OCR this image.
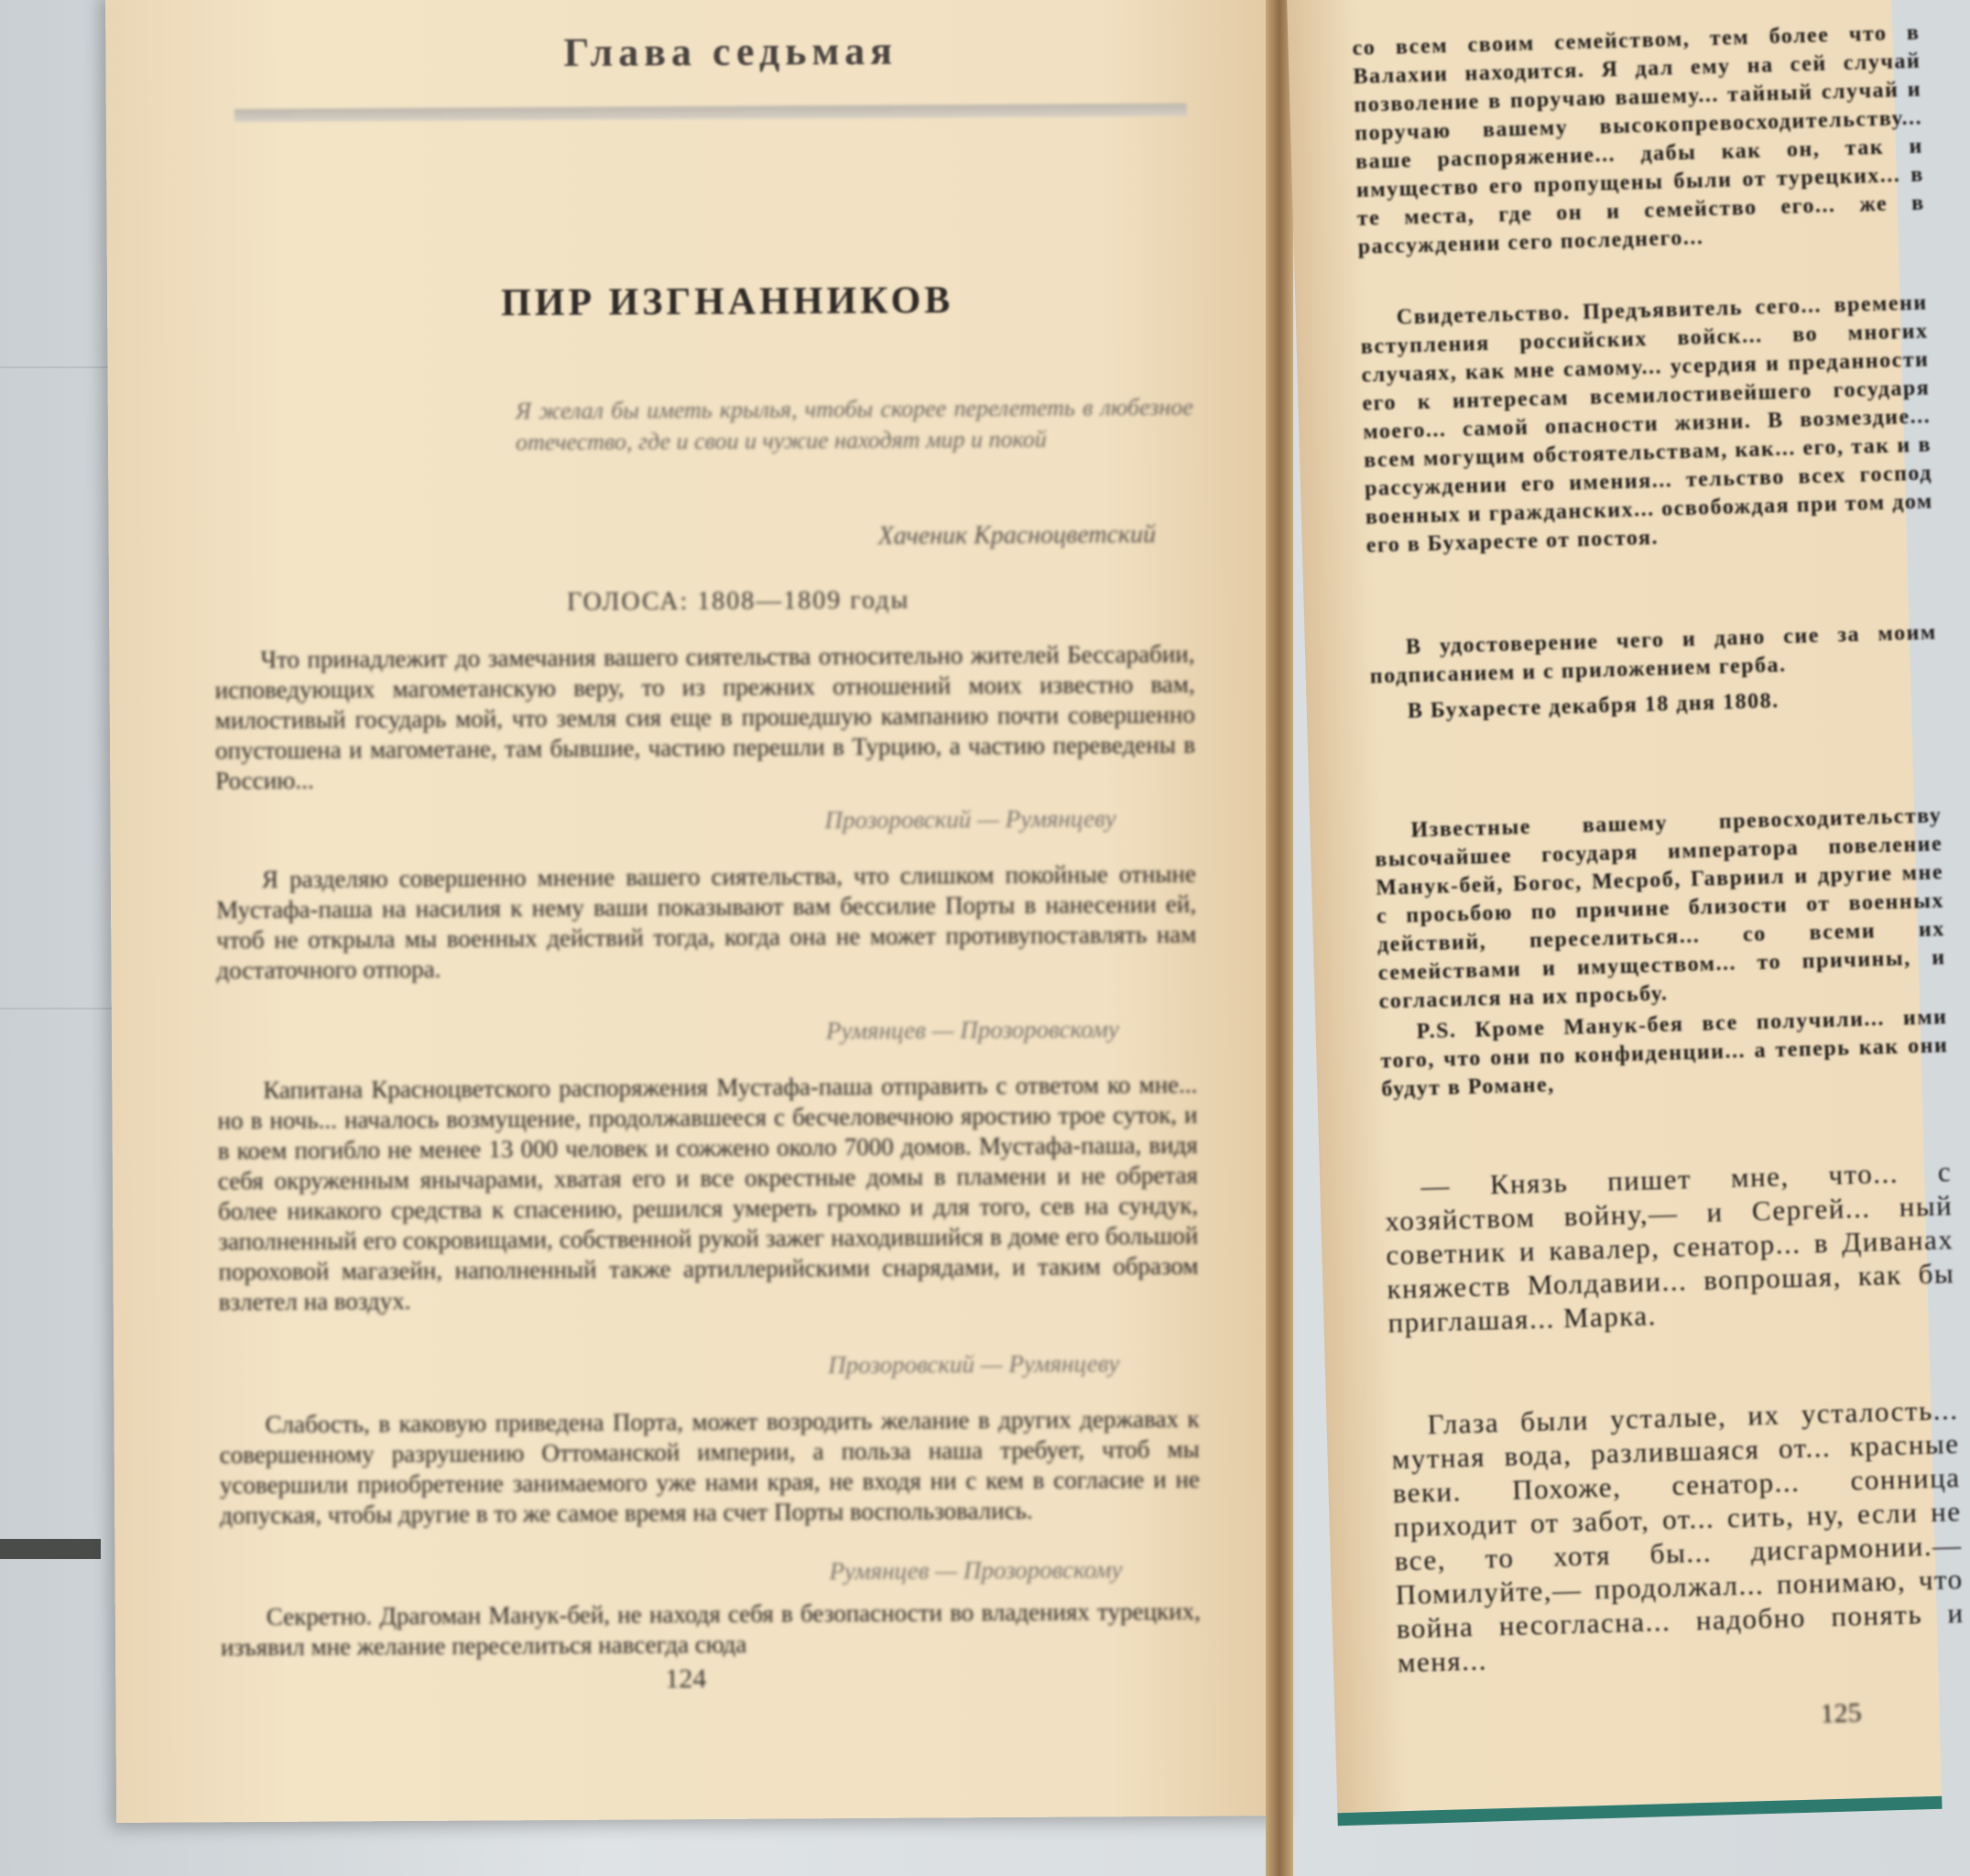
Глава седьмая
ПИР ИЗГНАННИКОВ
Я желал бы иметь крылья, чтобы скорее перелететь в любезное отечество, где и свои и чужие находят мир и покой
Хаченик Красноцветский
ГОЛОСА: 1808—1809 годы
Что принадлежит до замечания вашего сиятельства относительно жителей Бессарабии, исповедующих магометанскую веру, то из прежних отношений моих известно вам, милостивый государь мой, что земля сия еще в прошедшую кампанию почти совершенно опустошена и магометане, там бывшие, частию перешли в Турцию, а частию переведены в Россию...
Прозоровский — Румянцеву
Я разделяю совершенно мнение вашего сиятельства, что слишком покойные отныне Мустафа-паша на насилия к нему ваши показывают вам бессилие Порты в нанесении ей, чтоб не открыла мы военных действий тогда, когда она не может противупоставлять нам достаточного отпора.
Румянцев — Прозоровскому
Капитана Красноцветского распоряжения Мустафа-паша отправить с ответом ко мне... но в ночь... началось возмущение, продолжавшееся с бесчеловечною яростию трое суток, и в коем погибло не менее 13 000 человек и сожжено около 7000 домов. Мустафа-паша, видя себя окруженным янычарами, хватая его и все окрестные домы в пламени и не обретая более никакого средства к спасению, решился умереть громко и для того, сев на сундук, заполненный его сокровищами, собственной рукой зажег находившийся в доме его большой пороховой магазейн, наполненный также артиллерийскими снарядами, и таким образом взлетел на воздух.
Прозоровский — Румянцеву
Слабость, в каковую приведена Порта, может возродить желание в других державах к совершенному разрушению Оттоманской империи, а польза наша требует, чтоб мы усовершили приобретение занимаемого уже нами края, не входя ни с кем в согласие и не допуская, чтобы другие в то же самое время на счет Порты воспользовались.
Румянцев — Прозоровскому
Секретно. Драгоман Манук-бей, не находя себя в безопасности во владениях турецких, изъявил мне желание переселиться навсегда сюда
124
со всем своим семейством, тем более что в Валахии находится. Я дал ему на сей случай позволение в поручаю вашему... тайный случай и поручаю вашему высокопревосходительству... ваше распоряжение... дабы как он, так и имущество его пропущены были от турецких... в те места, где он и семейство его... же в рассуждении сего последнего...
Свидетельство. Предъявитель сего... времени вступления российских войск... во многих случаях, как мне самому... усердия и преданности его к интересам всемилостивейшего государя моего... самой опасности жизни. В возмездие... всем могущим обстоятельствам, как... его, так и в рассуждении его имения... тельство всех господ военных и гражданских... освобождая при том дом его в Бухаресте от постоя.
В удостоверение чего и дано сие за моим подписанием и с приложением герба.
В Бухаресте декабря 18 дня 1808.
Известные вашему превосходительству высочайшее государя императора повеление Манук-бей, Богос, Месроб, Гавриил и другие мне с просьбою по причине близости от военных действий, переселиться... со всеми их семействами и имуществом... то причины, и согласился на их просьбу.
P.S. Кроме Манук-бея все получили... ими того, что они по конфиденции... а теперь как они будут в Романе,
— Князь пишет мне, что... с хозяйством войну,— и Сергей... ный советник и кавалер, сенатор... в Диванах княжеств Молдавии... вопрошая, как бы приглашая... Марка.
Глаза были усталые, их усталость... мутная вода, разлившаяся от... красные веки. Похоже, сенатор... сонница приходит от забот, от... сить, ну, если не все, то хотя бы... дисгармонии.— Помилуйте,— продолжал... понимаю, что война несогласна... надобно понять и меня...
125
